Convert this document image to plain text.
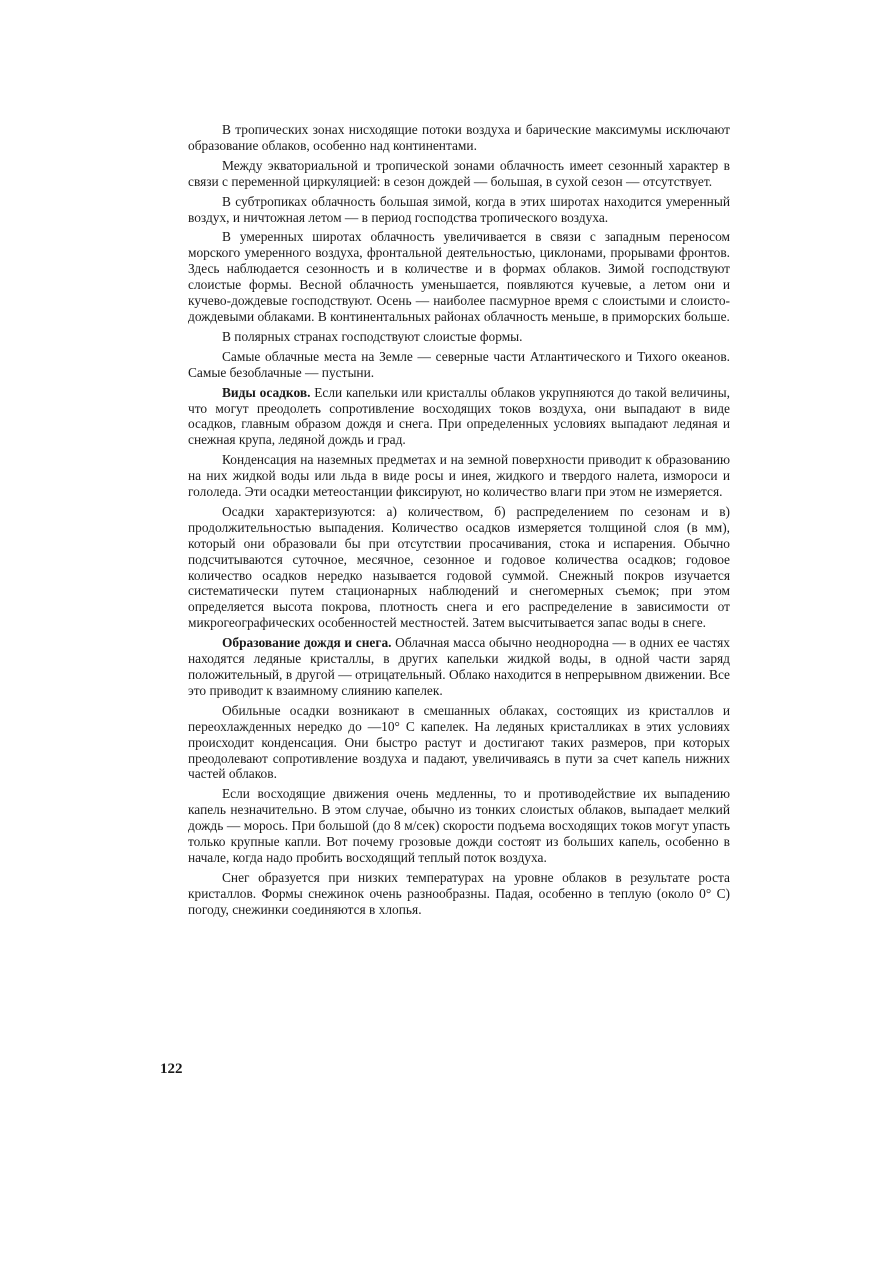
В тропических зонах нисходящие потоки воздуха и барические максимумы исключают образование облаков, особенно над континентами.

Между экваториальной и тропической зонами облачность имеет сезонный характер в связи с переменной циркуляцией: в сезон дождей — большая, в сухой сезон — отсутствует.

В субтропиках облачность большая зимой, когда в этих широтах находится умеренный воздух, и ничтожная летом — в период господства тропического воздуха.

В умеренных широтах облачность увеличивается в связи с западным переносом морского умеренного воздуха, фронтальной деятельностью, циклонами, прорывами фронтов. Здесь наблюдается сезонность и в количестве и в формах облаков. Зимой господствуют слоистые формы. Весной облачность уменьшается, появляются кучевые, а летом они и кучево-дождевые господствуют. Осень — наиболее пасмурное время с слоистыми и слоисто-дождевыми облаками. В континентальных районах облачность меньше, в приморских больше.

В полярных странах господствуют слоистые формы.

Самые облачные места на Земле — северные части Атлантического и Тихого океанов. Самые безоблачные — пустыни.

Виды осадков. Если капельки или кристаллы облаков укрупняются до такой величины, что могут преодолеть сопротивление восходящих токов воздуха, они выпадают в виде осадков, главным образом дождя и снега. При определенных условиях выпадают ледяная и снежная крупа, ледяной дождь и град.

Конденсация на наземных предметах и на земной поверхности приводит к образованию на них жидкой воды или льда в виде росы и инея, жидкого и твердого налета, измороси и гололеда. Эти осадки метеостанции фиксируют, но количество влаги при этом не измеряется.

Осадки характеризуются: а) количеством, б) распределением по сезонам и в) продолжительностью выпадения. Количество осадков измеряется толщиной слоя (в мм), который они образовали бы при отсутствии просачивания, стока и испарения. Обычно подсчитываются суточное, месячное, сезонное и годовое количества осадков; годовое количество осадков нередко называется годовой суммой. Снежный покров изучается систематически путем стационарных наблюдений и снегомерных съемок; при этом определяется высота покрова, плотность снега и его распределение в зависимости от микрогеографических особенностей местностей. Затем высчитывается запас воды в снеге.

Образование дождя и снега. Облачная масса обычно неоднородна — в одних ее частях находятся ледяные кристаллы, в других капельки жидкой воды, в одной части заряд положительный, в другой — отрицательный. Облако находится в непрерывном движении. Все это приводит к взаимному слиянию капелек.

Обильные осадки возникают в смешанных облаках, состоящих из кристаллов и переохлажденных нередко до —10° С капелек. На ледяных кристалликах в этих условиях происходит конденсация. Они быстро растут и достигают таких размеров, при которых преодолевают сопротивление воздуха и падают, увеличиваясь в пути за счет капель нижних частей облаков.

Если восходящие движения очень медленны, то и противодействие их выпадению капель незначительно. В этом случае, обычно из тонких слоистых облаков, выпадает мелкий дождь — морось. При большой (до 8 м/сек) скорости подъема восходящих токов могут упасть только крупные капли. Вот почему грозовые дожди состоят из больших капель, особенно в начале, когда надо пробить восходящий теплый поток воздуха.

Снег образуется при низких температурах на уровне облаков в результате роста кристаллов. Формы снежинок очень разнообразны. Падая, особенно в теплую (около 0° С) погоду, снежинки соединяются в хлопья.

122
